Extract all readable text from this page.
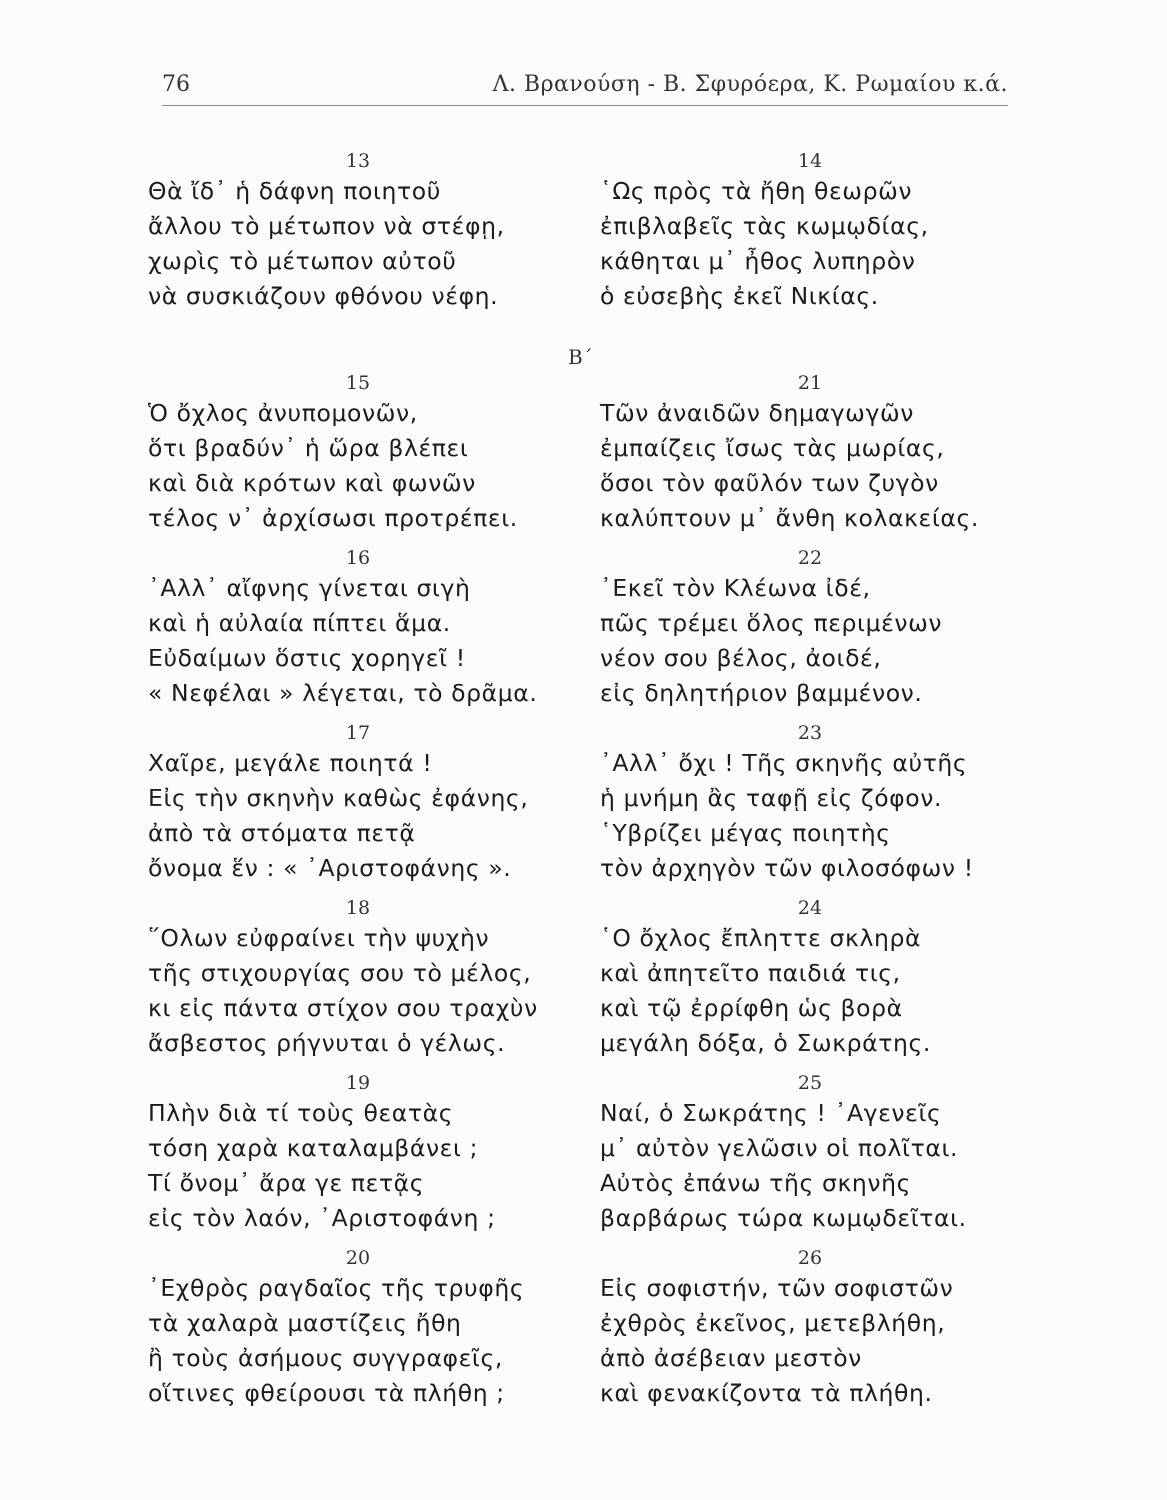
76	Λ. Βρανούση - Β. Σφυρόερα, Κ. Ρωμαίου κ.ά.
Β΄
13
Θὰ ἴδ᾽ ἡ δάφνη ποιητοῦ
ἄλλου τὸ μέτωπον νὰ στέφῃ,
χωρὶς τὸ μέτωπον αὐτοῦ
νὰ συσκιάζουν φθόνου νέφη.
15
Ὁ ὄχλος ἀνυπομονῶν,
ὅτι βραδύν᾽ ἡ ὥρα βλέπει
καὶ διὰ κρότων καὶ φωνῶν
τέλος ν᾽ ἀρχίσωσι προτρέπει.
16
᾽Αλλ᾽ αἴφνης γίνεται σιγὴ
καὶ ἡ αὐλαία πίπτει ἅμα.
Εὐδαίμων ὅστις χορηγεῖ !
« Νεφέλαι » λέγεται, τὸ δρᾶμα.
17
Χαῖρε, μεγάλε ποιητά !
Εἰς τὴν σκηνὴν καθὼς ἐφάνης,
ἀπὸ τὰ στόματα πετᾷ
ὄνομα ἕν : « ᾽Αριστοφάνης ».
18
῞Ολων εὐφραίνει τὴν ψυχὴν
τῆς στιχουργίας σου τὸ μέλος,
κι εἰς πάντα στίχον σου τραχὺν
ἄσβεστος ρήγνυται ὁ γέλως.
19
Πλὴν διὰ τί τοὺς θεατὰς
τόση χαρὰ καταλαμβάνει ;
Τί ὄνομ᾽ ἄρα γε πετᾷς
εἰς τὸν λαόν, ᾽Αριστοφάνη ;
20
᾽Εχθρὸς ραγδαῖος τῆς τρυφῆς
τὰ χαλαρὰ μαστίζεις ἤθη
ἢ τοὺς ἀσήμους συγγραφεῖς,
οἵτινες φθείρουσι τὰ πλήθη ;
14
῾Ως πρὸς τὰ ἤθη θεωρῶν
ἐπιβλαβεῖς τὰς κωμῳδίας,
κάθηται μ᾽ ἦθος λυπηρὸν
ὁ εὐσεβὴς ἐκεῖ Νικίας.
21
Τῶν ἀναιδῶν δημαγωγῶν
ἐμπαίζεις ἴσως τὰς μωρίας,
ὅσοι τὸν φαῦλόν των ζυγὸν
καλύπτουν μ᾽ ἄνθη κολακείας.
22
᾽Εκεῖ τὸν Κλέωνα ἰδέ,
πῶς τρέμει ὅλος περιμένων
νέον σου βέλος, ἀοιδέ,
εἰς δηλητήριον βαμμένον.
23
᾽Αλλ᾽ ὄχι ! Τῆς σκηνῆς αὐτῆς
ἡ μνήμη ἂς ταφῇ εἰς ζόφον.
῾Υβρίζει μέγας ποιητὴς
τὸν ἀρχηγὸν τῶν φιλοσόφων !
24
῾Ο ὄχλος ἔπληττε σκληρὰ
καὶ ἀπητεῖτο παιδιά τις,
καὶ τῷ ἐρρίφθη ὡς βορὰ
μεγάλη δόξα, ὁ Σωκράτης.
25
Ναί, ὁ Σωκράτης ! ᾽Αγενεῖς
μ᾽ αὐτὸν γελῶσιν οἱ πολῖται.
Αὐτὸς ἐπάνω τῆς σκηνῆς
βαρβάρως τώρα κωμῳδεῖται.
26
Εἰς σοφιστήν, τῶν σοφιστῶν
ἐχθρὸς ἐκεῖνος, μετεβλήθη,
ἀπὸ ἀσέβειαν μεστὸν
καὶ φενακίζοντα τὰ πλήθη.
